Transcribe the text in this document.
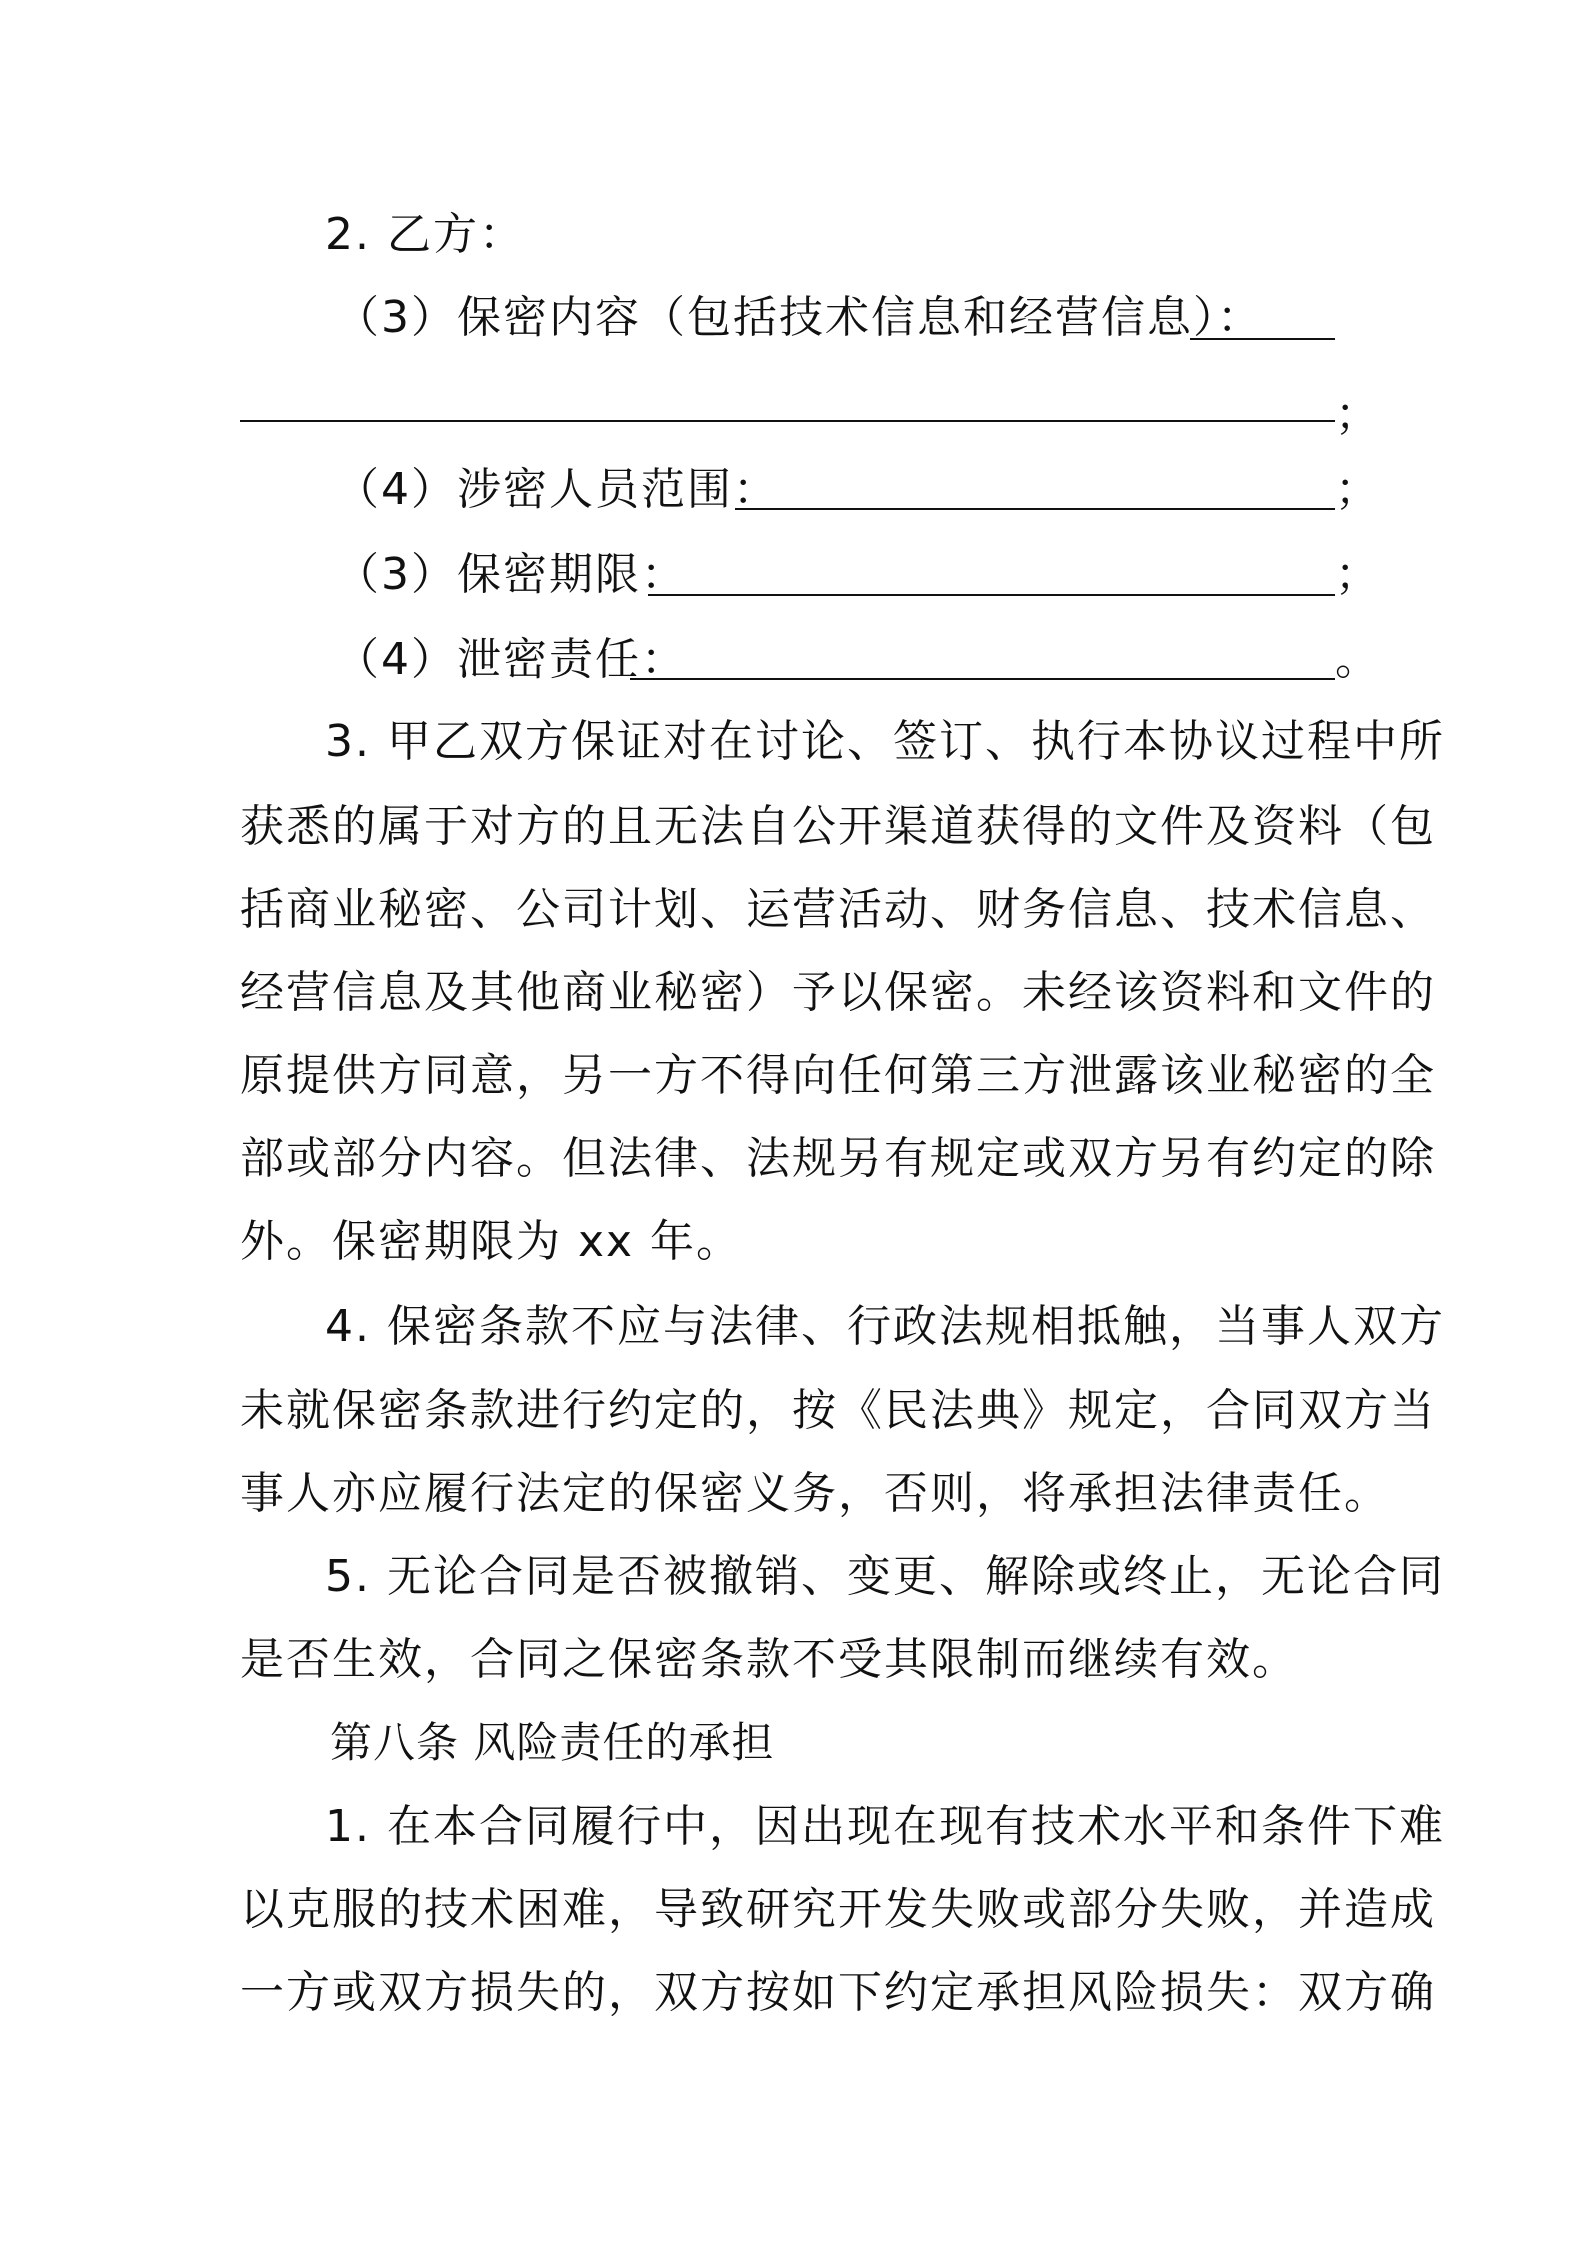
2. 乙方：
（3）保密内容（包括技术信息和经营信息）：
；
（4）涉密人员范围：	；
（3）保密期限：	；
（4）泄密责任：	。
3. 甲乙双方保证对在讨论、签订、执行本协议过程中所
获悉的属于对方的且无法自公开渠道获得的文件及资料（包
括商业秘密、公司计划、运营活动、财务信息、技术信息、
经营信息及其他商业秘密）予以保密。未经该资料和文件的
原提供方同意，另一方不得向任何第三方泄露该业秘密的全
部或部分内容。但法律、法规另有规定或双方另有约定的除
外。保密期限为 xx 年。
4. 保密条款不应与法律、行政法规相抵触，当事人双方
未就保密条款进行约定的，按《民法典》规定，合同双方当
事人亦应履行法定的保密义务，否则，将承担法律责任。
5. 无论合同是否被撤销、变更、解除或终止，无论合同
是否生效，合同之保密条款不受其限制而继续有效。
第八条 风险责任的承担
1. 在本合同履行中，因出现在现有技术水平和条件下难
以克服的技术困难，导致研究开发失败或部分失败，并造成
一方或双方损失的，双方按如下约定承担风险损失：双方确
